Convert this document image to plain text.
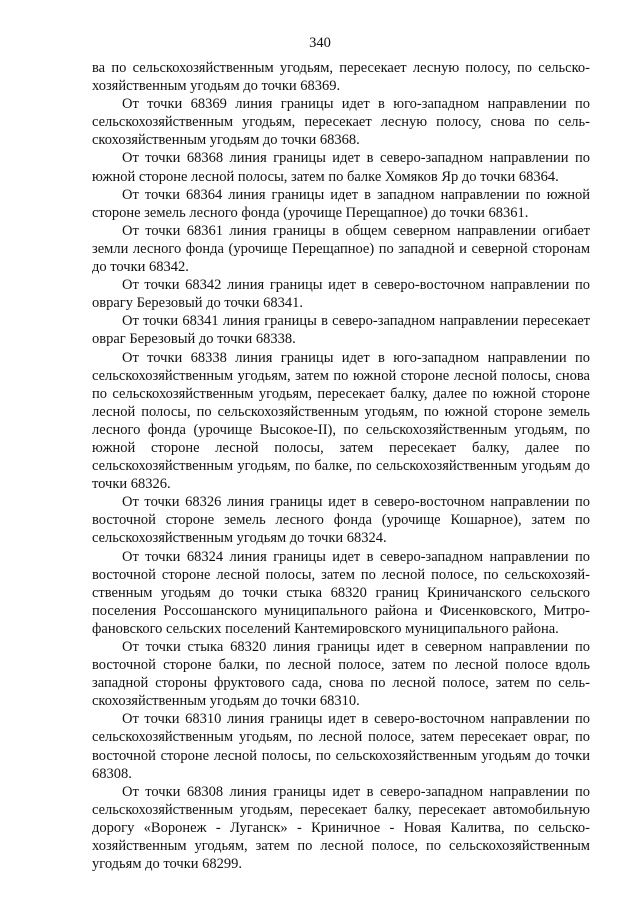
340

ва по сельскохозяйственным угодьям, пересекает лесную полосу, по сельскохозяйственным угодьям до точки 68369.

От точки 68369 линия границы идет в юго-западном направлении по сельскохозяйственным угодьям, пересекает лесную полосу, снова по сельскохозяйственным угодьям до точки 68368.

От точки 68368 линия границы идет в северо-западном направлении по южной стороне лесной полосы, затем по балке Хомяков Яр до точки 68364.

От точки 68364 линия границы идет в западном направлении по южной стороне земель лесного фонда (урочище Перещапное) до точки 68361.

От точки 68361 линия границы в общем северном направлении огибает земли лесного фонда (урочище Перещапное) по западной и северной сторонам до точки 68342.

От точки 68342 линия границы идет в северо-восточном направлении по оврагу Березовый до точки 68341.

От точки 68341 линия границы в северо-западном направлении пересекает овраг Березовый до точки 68338.

От точки 68338 линия границы идет в юго-западном направлении по сельскохозяйственным угодьям, затем по южной стороне лесной полосы, снова по сельскохозяйственным угодьям, пересекает балку, далее по южной стороне лесной полосы, по сельскохозяйственным угодьям, по южной стороне земель лесного фонда (урочище Высокое-II), по сельскохозяйственным угодьям, по южной стороне лесной полосы, затем пересекает балку, далее по сельскохозяйственным угодьям, по балке, по сельскохозяйственным угодьям до точки 68326.

От точки 68326 линия границы идет в северо-восточном направлении по восточной стороне земель лесного фонда (урочище Кошарное), затем по сельскохозяйственным угодьям до точки 68324.

От точки 68324 линия границы идет в северо-западном направлении по восточной стороне лесной полосы, затем по лесной полосе, по сельскохозяйственным угодьям до точки стыка 68320 границ Криничанского сельского поселения Россошанского муниципального района и Фисенковского, Митрофановского сельских поселений Кантемировского муниципального района.

От точки стыка 68320 линия границы идет в северном направлении по восточной стороне балки, по лесной полосе, затем по лесной полосе вдоль западной стороны фруктового сада, снова по лесной полосе, затем по сельскохозяйственным угодьям до точки 68310.

От точки 68310 линия границы идет в северо-восточном направлении по сельскохозяйственным угодьям, по лесной полосе, затем пересекает овраг, по восточной стороне лесной полосы, по сельскохозяйственным угодьям до точки 68308.

От точки 68308 линия границы идет в северо-западном направлении по сельскохозяйственным угодьям, пересекает балку, пересекает автомобильную дорогу «Воронеж - Луганск» - Криничное - Новая Калитва, по сельскохозяйственным угодьям, затем по лесной полосе, по сельскохозяйственным угодьям до точки 68299.
